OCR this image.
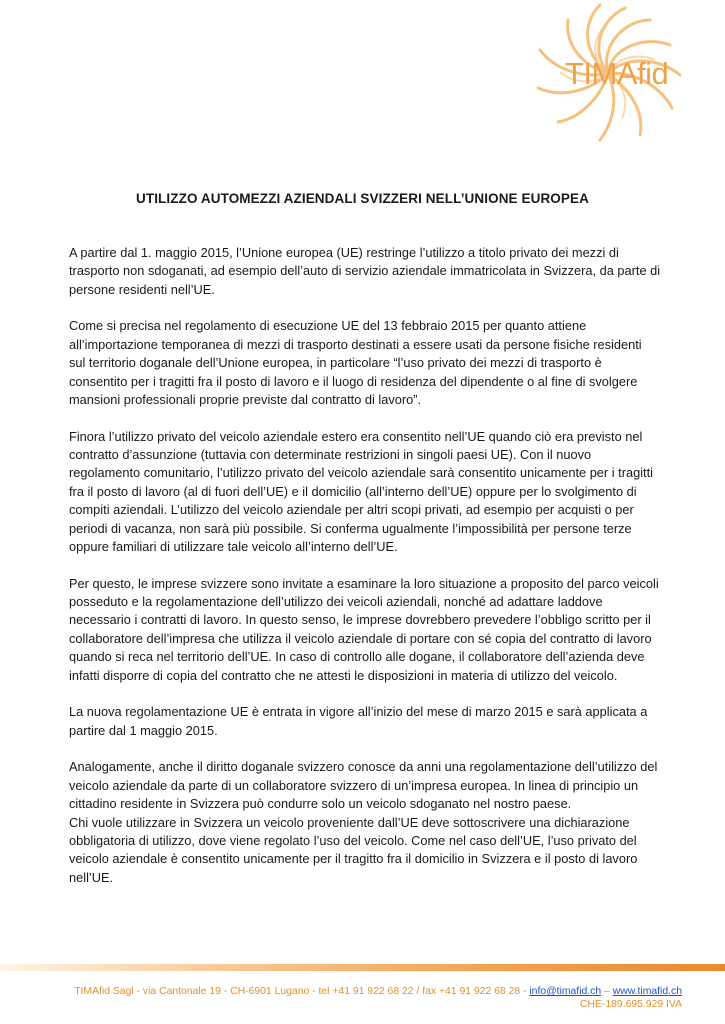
TIMAfid
UTILIZZO AUTOMEZZI AZIENDALI SVIZZERI NELL’UNIONE EUROPEA

A partire dal 1. maggio 2015, l’Unione europea (UE) restringe l’utilizzo a titolo privato dei mezzi di trasporto non sdoganati, ad esempio dell’auto di servizio aziendale immatricolata in Svizzera, da parte di persone residenti nell’UE.

Come si precisa nel regolamento di esecuzione UE del 13 febbraio 2015 per quanto attiene all’importazione temporanea di mezzi di trasporto destinati a essere usati da persone fisiche residenti sul territorio doganale dell’Unione europea, in particolare “l’uso privato dei mezzi di trasporto è consentito per i tragitti fra il posto di lavoro e il luogo di residenza del dipendente o al fine di svolgere mansioni professionali proprie previste dal contratto di lavoro”.

Finora l’utilizzo privato del veicolo aziendale estero era consentito nell’UE quando ciò era previsto nel contratto d’assunzione (tuttavia con determinate restrizioni in singoli paesi UE). Con il nuovo regolamento comunitario, l’utilizzo privato del veicolo aziendale sarà consentito unicamente per i tragitti fra il posto di lavoro (al di fuori dell’UE) e il domicilio (all’interno dell’UE) oppure per lo svolgimento di compiti aziendali. L’utilizzo del veicolo aziendale per altri scopi privati, ad esempio per acquisti o per periodi di vacanza, non sarà più possibile. Si conferma ugualmente l’impossibilità per persone terze oppure familiari di utilizzare tale veicolo all’interno dell’UE.

Per questo, le imprese svizzere sono invitate a esaminare la loro situazione a proposito del parco veicoli posseduto e la regolamentazione dell’utilizzo dei veicoli aziendali, nonché ad adattare laddove necessario i contratti di lavoro. In questo senso, le imprese dovrebbero prevedere l’obbligo scritto per il collaboratore dell’impresa che utilizza il veicolo aziendale di portare con sé copia del contratto di lavoro quando si reca nel territorio dell’UE. In caso di controllo alle dogane, il collaboratore dell’azienda deve infatti disporre di copia del contratto che ne attesti le disposizioni in materia di utilizzo del veicolo.

La nuova regolamentazione UE è entrata in vigore all’inizio del mese di marzo 2015 e sarà applicata a partire dal 1 maggio 2015.

Analogamente, anche il diritto doganale svizzero conosce da anni una regolamentazione dell’utilizzo del veicolo aziendale da parte di un collaboratore svizzero di un’impresa europea. In linea di principio un cittadino residente in Svizzera può condurre solo un veicolo sdoganato nel nostro paese.
Chi vuole utilizzare in Svizzera un veicolo proveniente dall’UE deve sottoscrivere una dichiarazione obbligatoria di utilizzo, dove viene regolato l’uso del veicolo. Come nel caso dell’UE, l’uso privato del veicolo aziendale è consentito unicamente per il tragitto fra il domicilio in Svizzera e il posto di lavoro nell’UE.

TIMAfid Sagl - via Cantonale 19 - CH-6901 Lugano - tel +41 91 922 68 22 / fax +41 91 922 68 28 - info@timafid.ch – www.timafid.ch
CHE-189.695.929 IVA
